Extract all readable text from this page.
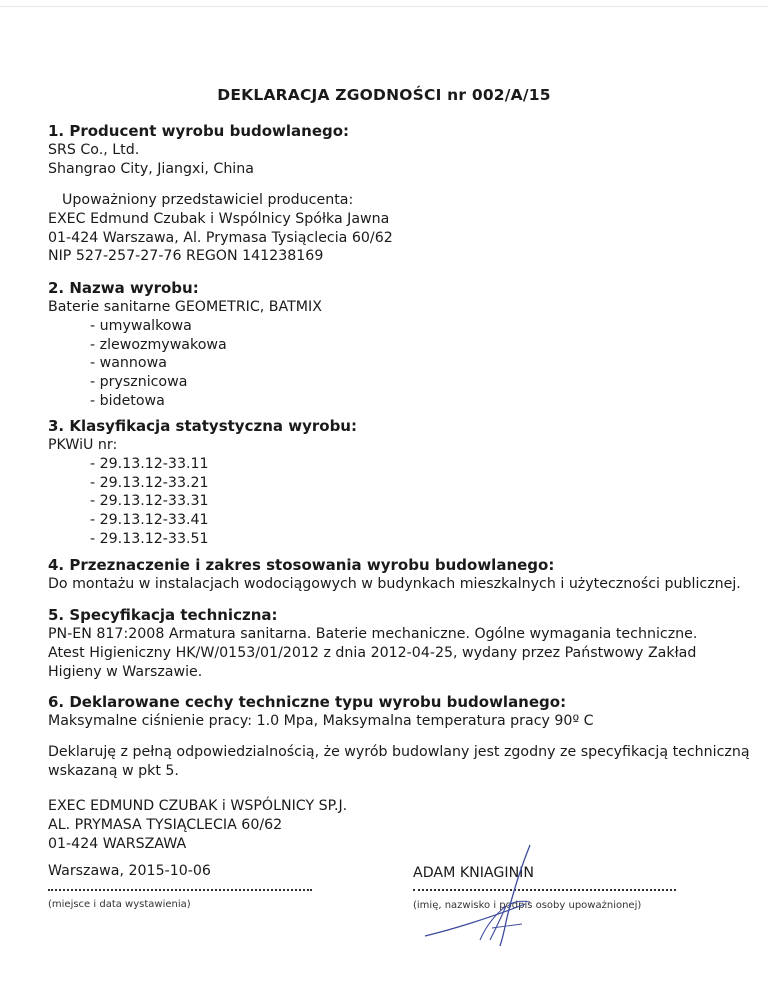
DEKLARACJA ZGODNOŚCI nr 002/A/15
1. Producent wyrobu budowlanego:
SRS Co., Ltd.
Shangrao City, Jiangxi, China
Upoważniony przedstawiciel producenta:
EXEC Edmund Czubak i Wspólnicy Spółka Jawna
01-424 Warszawa, Al. Prymasa Tysiąclecia 60/62
NIP 527-257-27-76 REGON 141238169
2. Nazwa wyrobu:
Baterie sanitarne GEOMETRIC, BATMIX
- umywalkowa
- zlewozmywakowa
- wannowa
- prysznicowa
- bidetowa
3. Klasyfikacja statystyczna wyrobu:
PKWiU nr:
- 29.13.12-33.11
- 29.13.12-33.21
- 29.13.12-33.31
- 29.13.12-33.41
- 29.13.12-33.51
4. Przeznaczenie i zakres stosowania wyrobu budowlanego:
Do montażu w instalacjach wodociągowych w budynkach mieszkalnych i użyteczności publicznej.
5. Specyfikacja techniczna:
PN-EN 817:2008 Armatura sanitarna. Baterie mechaniczne. Ogólne wymagania techniczne.
Atest Higieniczny HK/W/0153/01/2012 z dnia 2012-04-25, wydany przez Państwowy Zakład
Higieny w Warszawie.
6. Deklarowane cechy techniczne typu wyrobu budowlanego:
Maksymalne ciśnienie pracy: 1.0 Mpa, Maksymalna temperatura pracy 90º C
Deklaruję z pełną odpowiedzialnością, że wyrób budowlany jest zgodny ze specyfikacją techniczną
wskazaną w pkt 5.
EXEC EDMUND CZUBAK i WSPÓLNICY SP.J.
AL. PRYMASA TYSIĄCLECIA 60/62
01-424 WARSZAWA
Warszawa, 2015-10-06
(miejsce i data wystawienia)
ADAM KNIAGININ
(imię, nazwisko i podpis osoby upoważnionej)
